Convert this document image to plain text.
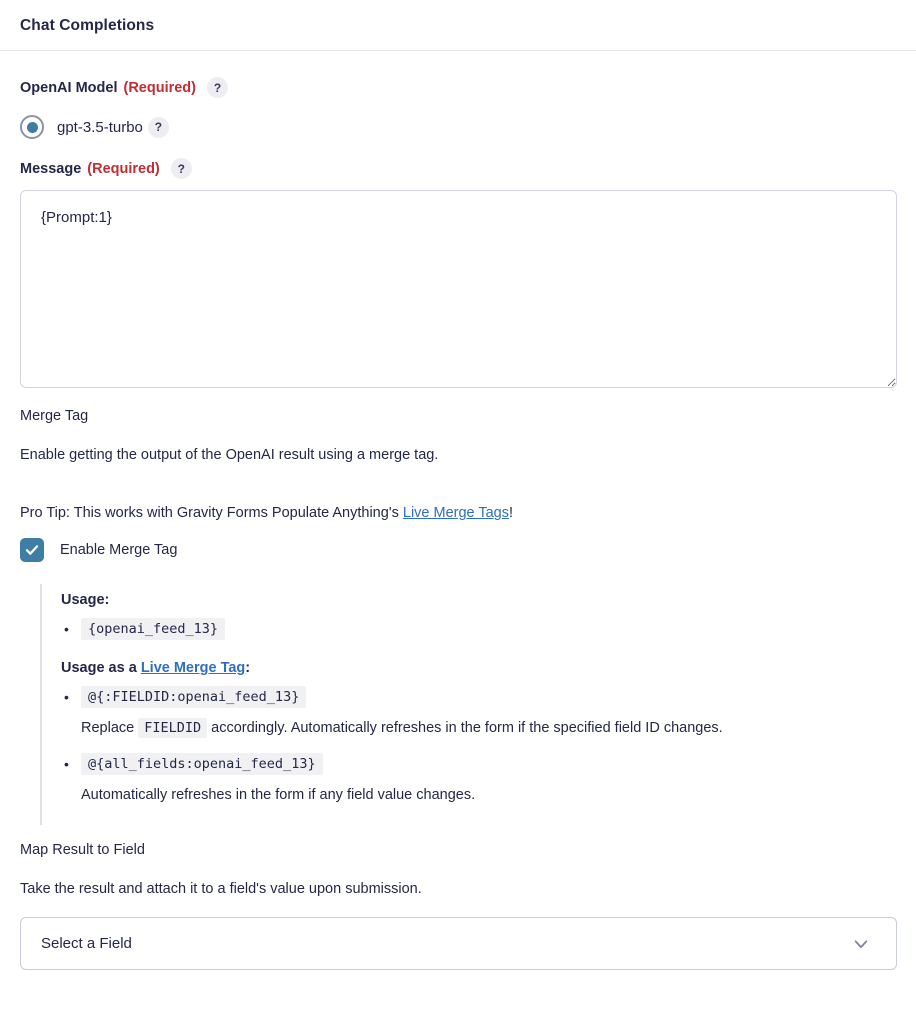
Chat Completions
OpenAI Model (Required)	?
gpt-3.5-turbo ?
Message (Required)	?
{Prompt:1}
Merge Tag

Enable getting the output of the OpenAI result using a merge tag.

Pro Tip: This works with Gravity Forms Populate Anything's Live Merge Tags!

Enable Merge Tag
Usage:
• {openai_feed_13}
Usage as a Live Merge Tag:
• @{:FIELDID:openai_feed_13}
Replace FIELDID accordingly. Automatically refreshes in the form if the specified field ID changes.
• @{all_fields:openai_feed_13}
Automatically refreshes in the form if any field value changes.
Map Result to Field

Take the result and attach it to a field's value upon submission.

Select a Field
